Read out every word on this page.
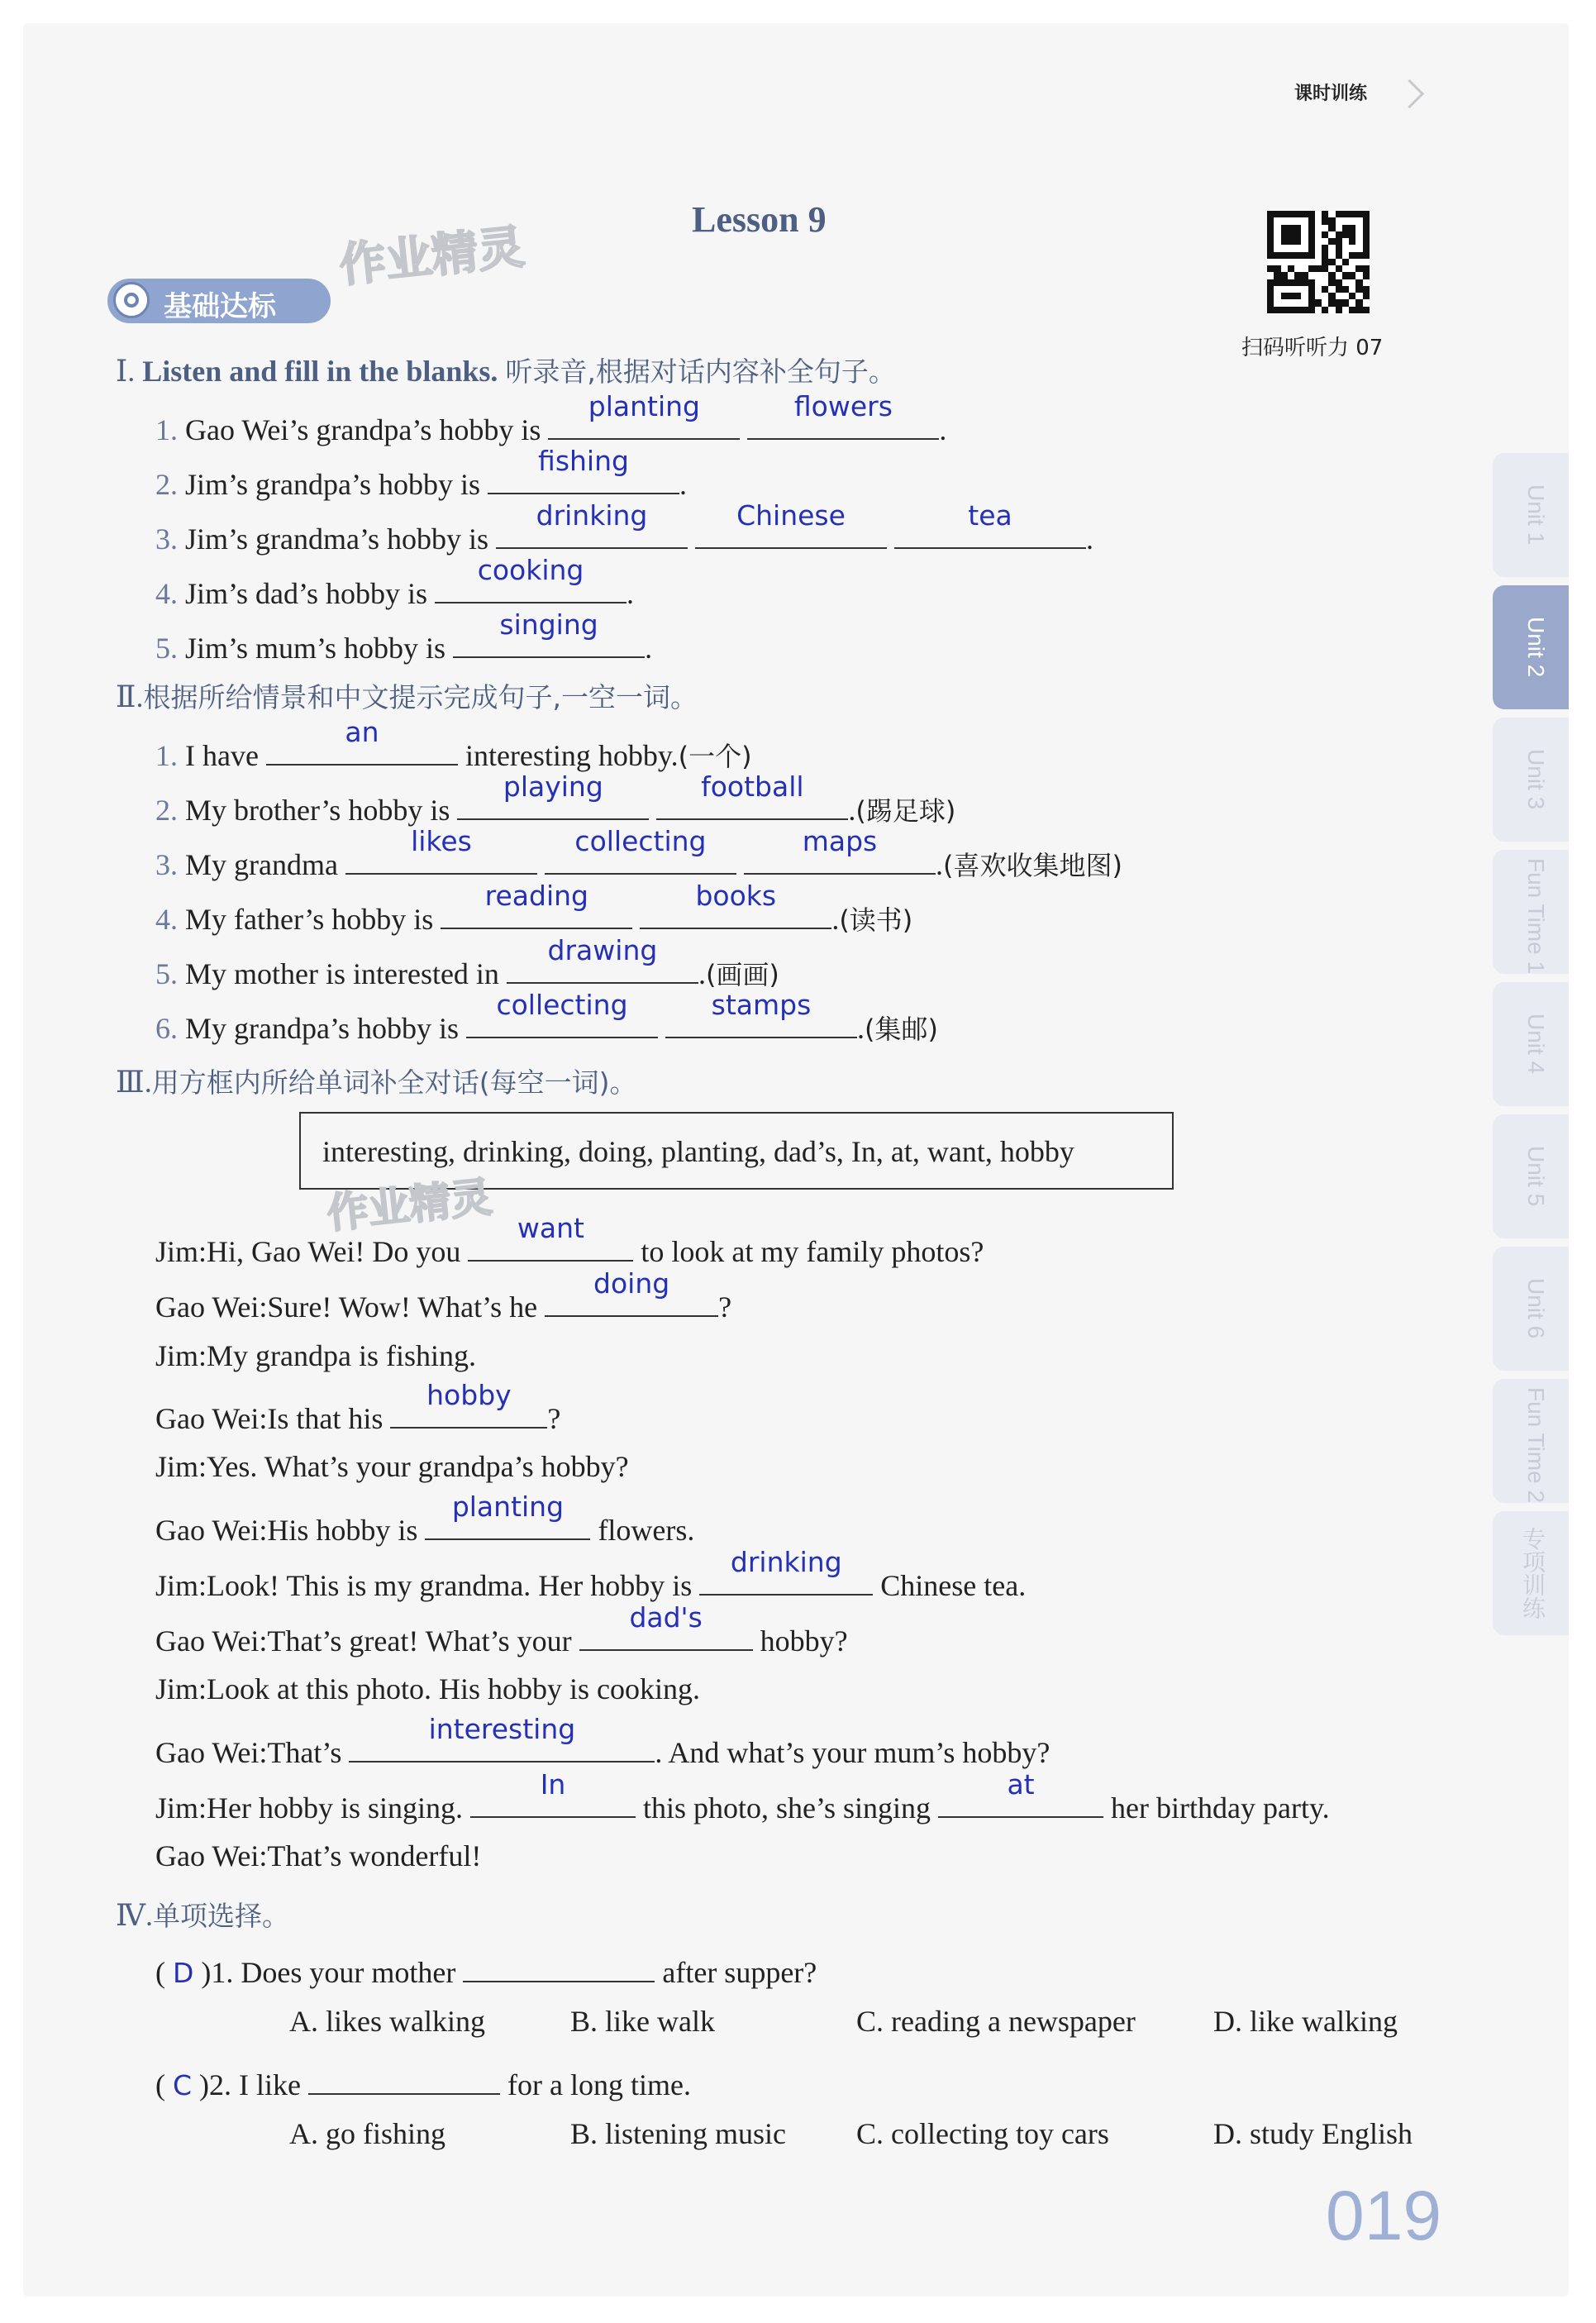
课时训练
作业精灵
Lesson 9
基础达标
扫码听听力 07
Ⅰ. Listen and fill in the blanks. 听录音,根据对话内容补全句子。
1. Gao Wei’s grandpa’s hobby is
planting
	flowers
.
2. Jim’s grandpa’s hobby is
fishing
.
3. Jim’s grandma’s hobby is
drinking
	Chinese
	tea
.
4. Jim’s dad’s hobby is
cooking
.
5. Jim’s mum’s hobby is
singing
.
Ⅱ.根据所给情景和中文提示完成句子,一空一词。
1. I have
an
interesting hobby.(一个)
2. My brother’s hobby is
playing
	football
.(踢足球)
3. My grandma
likes
	collecting
	maps
.(喜欢收集地图)
4. My father’s hobby is
reading
	books
.(读书)
5. My mother is interested in
drawing
.(画画)
6. My grandpa’s hobby is
collecting
	stamps
.(集邮)
Ⅲ.用方框内所给单词补全对话(每空一词)。
interesting, drinking, doing, planting, dad’s, In, at, want, hobby
作业精灵
Jim:Hi, Gao Wei! Do you
want
to look at my family photos?
Gao Wei:Sure! Wow! What’s he
doing
?
Jim:My grandpa is fishing.
Gao Wei:Is that his
hobby
?
Jim:Yes. What’s your grandpa’s hobby?
Gao Wei:His hobby is
planting
flowers.
Jim:Look! This is my grandma. Her hobby is
drinking
Chinese tea.
Gao Wei:That’s great! What’s your
dad's
hobby?
Jim:Look at this photo. His hobby is cooking.
Gao Wei:That’s
interesting
. And what’s your mum’s hobby?
Jim:Her hobby is singing.
In
this photo, she’s singing
at
her birthday party.
Gao Wei:That’s wonderful!
Ⅳ.单项选择。
( D )1. Does your mother	after supper?
A. likes walking	B. like walk	C. reading a newspaper	D. like walking
( C )2. I like	for a long time.
A. go fishing	B. listening music C. collecting toy cars	D. study English
Unit 1
Unit 2
Unit 3
Fun Time 1
Unit 4
Unit 5
Unit 6
Fun Time 2
专项训练
019
